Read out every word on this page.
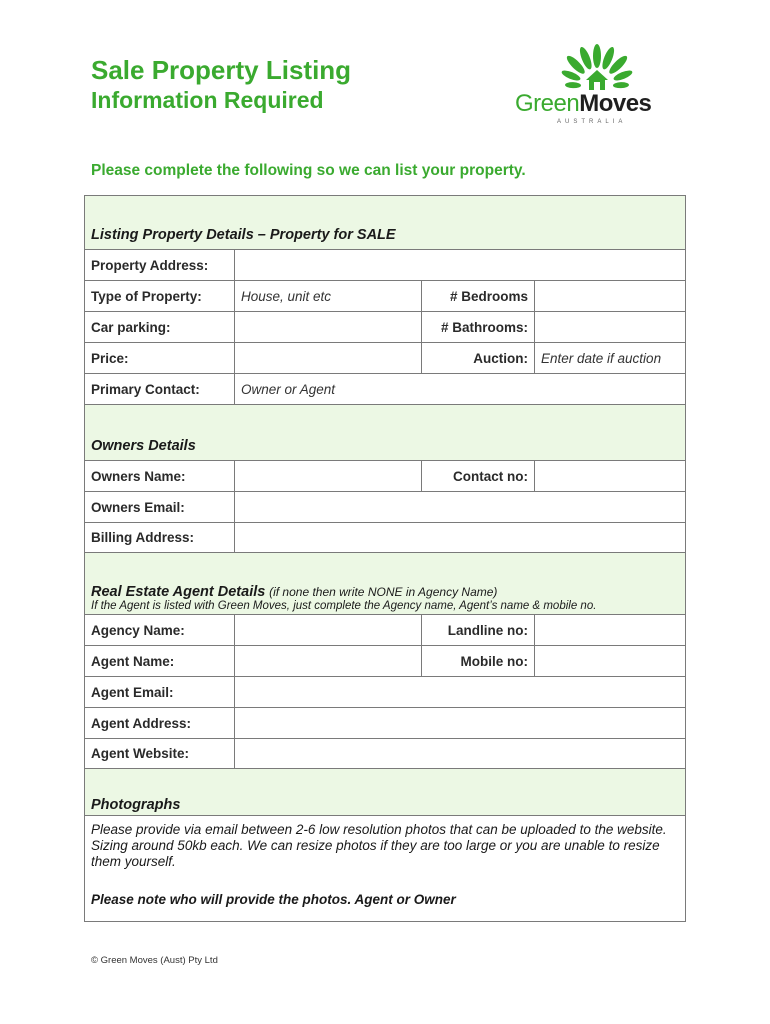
Sale Property Listing
Information Required	GreenMoves
AUSTRALIA

Please complete the following so we can list your property.

Listing Property Details – Property for SALE			
Property Address:			
Type of Property:	House, unit etc	# Bedrooms	
Car parking:		# Bathrooms:	
Price:		Auction:	Enter date if auction
Primary Contact:	Owner or Agent		
Owners Details			
Owners Name:		Contact no:	
Owners Email:			
Billing Address:			
Real Estate Agent Details (if none then write NONE in Agency Name)
If the Agent is listed with Green Moves, just complete the Agency name, Agent’s name & mobile no.			

Agency Name:		Landline no:	
Agent Name:		Mobile no:	
Agent Email:			
Agent Address:			
Agent Website:			
Photographs			
Please provide via email between 2-6 low resolution photos that can be uploaded to the website. Sizing around 50kb each. We can resize photos if they are too large or you are unable to resize them yourself.
Please note who will provide the photos. Agent or Owner			
© Green Moves (Aust) Pty Ltd
